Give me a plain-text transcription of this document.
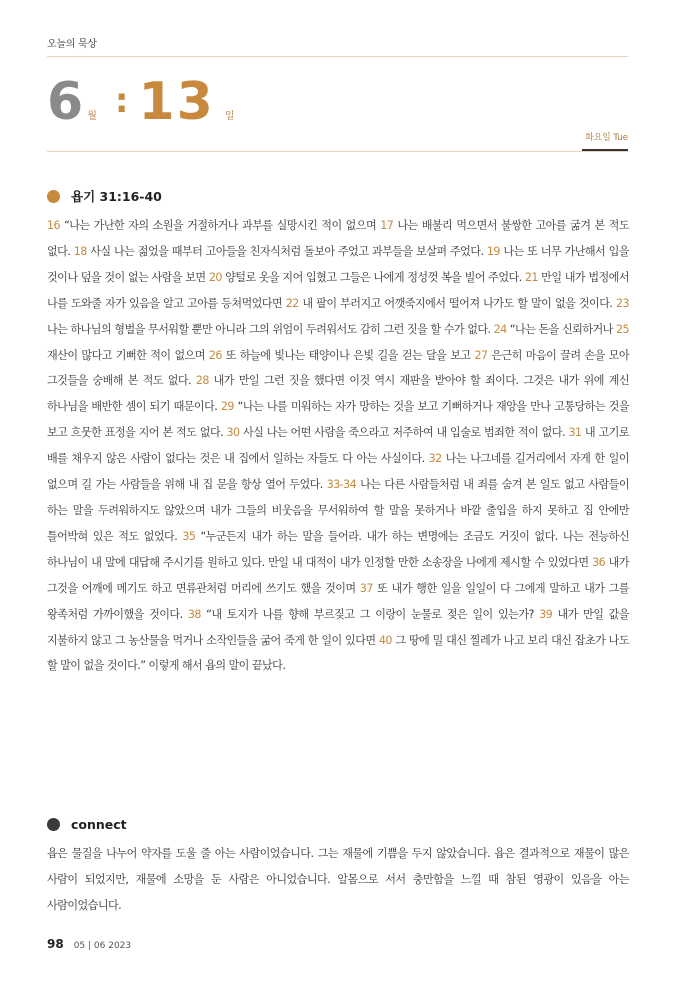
오늘의 묵상
6 월 : 13 일
화요일 Tue
욥기 31:16-40
16 “나는 가난한 자의 소원을 거절하거나 과부를 실망시킨 적이 없으며 17 나는 배불리 먹으면서 불쌍한 고아를 굶겨 본 적도 없다. 18 사실 나는 젊었을 때부터 고아들을 친자식처럼 돌보아 주었고 과부들을 보살펴 주었다. 19 나는 또 너무 가난해서 입을 것이나 덮을 것이 없는 사람을 보면 20 양털로 옷을 지어 입혔고 그들은 나에게 정성껏 복을 빌어 주었다. 21 만일 내가 법정에서 나를 도와줄 자가 있음을 알고 고아를 등쳐먹었다면 22 내 팔이 부러지고 어깻죽지에서 떨어져 나가도 할 말이 없을 것이다. 23 나는 하나님의 형벌을 무서워할 뿐만 아니라 그의 위엄이 두려워서도 감히 그런 짓을 할 수가 없다. 24 “나는 돈을 신뢰하거나 25 재산이 많다고 기뻐한 적이 없으며 26 또 하늘에 빛나는 태양이나 은빛 길을 걷는 달을 보고 27 은근히 마음이 끌려 손을 모아 그것들을 숭배해 본 적도 없다. 28 내가 만일 그런 짓을 했다면 이것 역시 재판을 받아야 할 죄이다. 그것은 내가 위에 계신 하나님을 배반한 셈이 되기 때문이다. 29 “나는 나를 미워하는 자가 망하는 것을 보고 기뻐하거나 재앙을 만나 고통당하는 것을 보고 흐뭇한 표정을 지어 본 적도 없다. 30 사실 나는 어떤 사람을 죽으라고 저주하여 내 입술로 범죄한 적이 없다. 31 내 고기로 배를 채우지 않은 사람이 없다는 것은 내 집에서 일하는 자들도 다 아는 사실이다. 32 나는 나그네를 길거리에서 자게 한 일이 없으며 길 가는 사람들을 위해 내 집 문을 항상 열어 두었다. 33-34 나는 다른 사람들처럼 내 죄를 숨겨 본 일도 없고 사람들이 하는 말을 두려워하지도 않았으며 내가 그들의 비웃음을 무서워하여 할 말을 못하거나 바깥 출입을 하지 못하고 집 안에만 틀어박혀 있은 적도 없었다. 35 “누군든지 내가 하는 말을 들어라. 내가 하는 변명에는 조금도 거짓이 없다. 나는 전능하신 하나님이 내 말에 대답해 주시기를 원하고 있다. 만일 내 대적이 내가 인정할 만한 소송장을 나에게 제시할 수 있었다면 36 내가 그것을 어깨에 메기도 하고 면류관처럼 머리에 쓰기도 했을 것이며 37 또 내가 행한 일을 일일이 다 그에게 말하고 내가 그를 왕족처럼 가까이했을 것이다. 38 “내 토지가 나를 향해 부르짖고 그 이랑이 눈물로 젖은 일이 있는가? 39 내가 만일 값을 지불하지 않고 그 농산물을 먹거나 소작인들을 굶어 죽게 한 일이 있다면 40 그 땅에 밀 대신 찔레가 나고 보리 대신 잡초가 나도 할 말이 없을 것이다.” 이렇게 해서 욥의 말이 끝났다.
connect
욥은 물질을 나누어 약자를 도울 줄 아는 사람이었습니다. 그는 재물에 기쁨을 두지 않았습니다. 욥은 결과적으로 재물이 많은 사람이 되었지만, 재물에 소망을 둔 사람은 아니었습니다. 알몸으로 서서 충만함을 느낄 때 참된 영광이 있음을 아는 사람이었습니다.
98 05 | 06 2023
